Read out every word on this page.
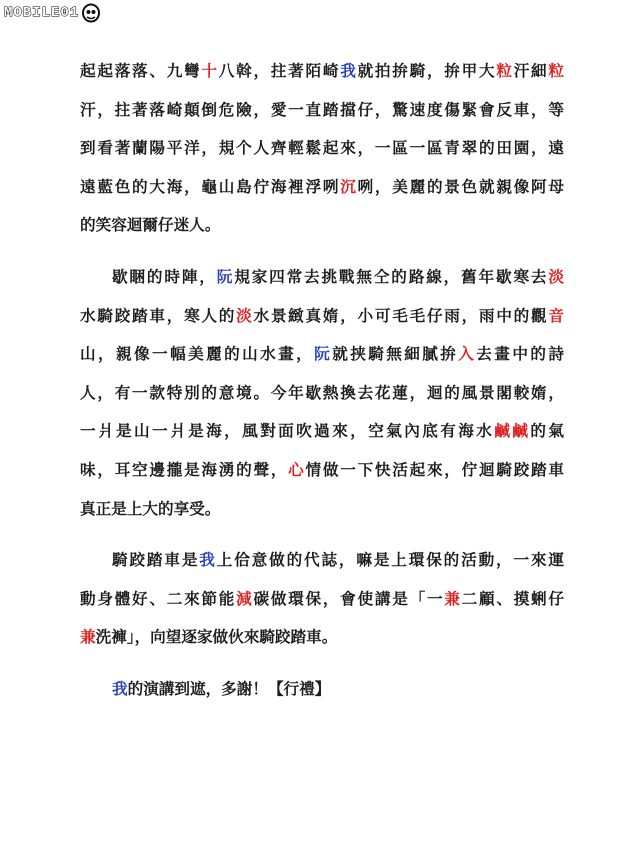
MOBILE01
起起落落、九彎十八斡，拄著陌崎我就拍拚騎，拚甲大粒汗細粒
汗，拄著落崎顛倒危險，愛一直踏擋仔，驚速度傷緊會反車，等
到看著蘭陽平洋，規个人齊輕鬆起來，一區一區青翠的田園，遠
遠藍色的大海，龜山島佇海裡浮咧沉咧，美麗的景色就親像阿母
的笑容迴爾仔迷人。
歇睏的時陣，阮規家四常去挑戰無仝的路線，舊年歇寒去淡
水騎跤踏車，寒人的淡水景緻真媠，小可毛毛仔雨，雨中的觀音
山，親像一幅美麗的山水畫，阮就挟騎無細膩拚入去畫中的詩
人，有一款特別的意境。今年歇熱換去花蓮，迴的風景閣較媠，
一爿是山一爿是海，風對面吹過來，空氣內底有海水鹹鹹的氣
味，耳空邊攏是海湧的聲，心情做一下快活起來，佇迴騎跤踏車
真正是上大的享受。
騎跤踏車是我上佮意做的代誌，嘛是上環保的活動，一來運
動身體好、二來節能減碳做環保，會使講是「一兼二顧、摸蜊仔
兼洗褲」，向望逐家做伙來騎跤踏車。
我的演講到遮，多謝！【行禮】
